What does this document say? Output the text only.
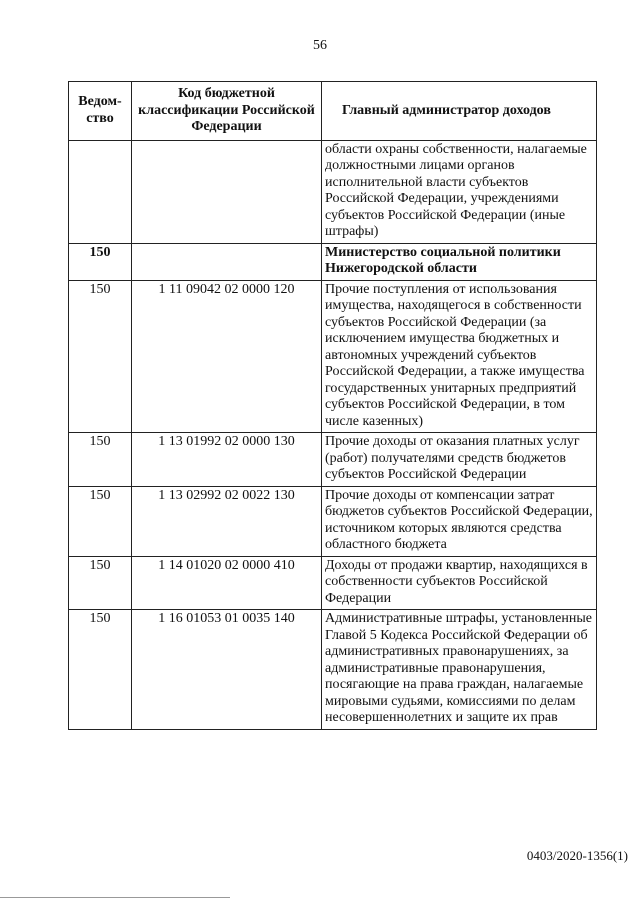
56
Ведом-
ство	Код бюджетной классификации Российской Федерации	Главный администратор доходов
		области охраны собственности, налагаемые должностными лицами органов исполнительной власти субъектов Российской Федерации, учреждениями субъектов Российской Федерации (иные штрафы)
150		Министерство социальной политики Нижегородской области
150	1 11 09042 02 0000 120	Прочие поступления от использования имущества, находящегося в собственности субъектов Российской Федерации (за исключением имущества бюджетных и автономных учреждений субъектов Российской Федерации, а также имущества государственных унитарных предприятий субъектов Российской Федерации, в том числе казенных)
150	1 13 01992 02 0000 130	Прочие доходы от оказания платных услуг (работ) получателями средств бюджетов субъектов Российской Федерации
150	1 13 02992 02 0022 130	Прочие доходы от компенсации затрат бюджетов субъектов Российской Федерации, источником которых являются средства областного бюджета
150	1 14 01020 02 0000 410	Доходы от продажи квартир, находящихся в собственности субъектов Российской Федерации
150	1 16 01053 01 0035 140	Административные штрафы, установленные Главой 5 Кодекса Российской Федерации об административных правонарушениях, за административные правонарушения, посягающие на права граждан, налагаемые мировыми судьями, комиссиями по делам несовершеннолетних и защите их прав
0403/2020-1356(1)
